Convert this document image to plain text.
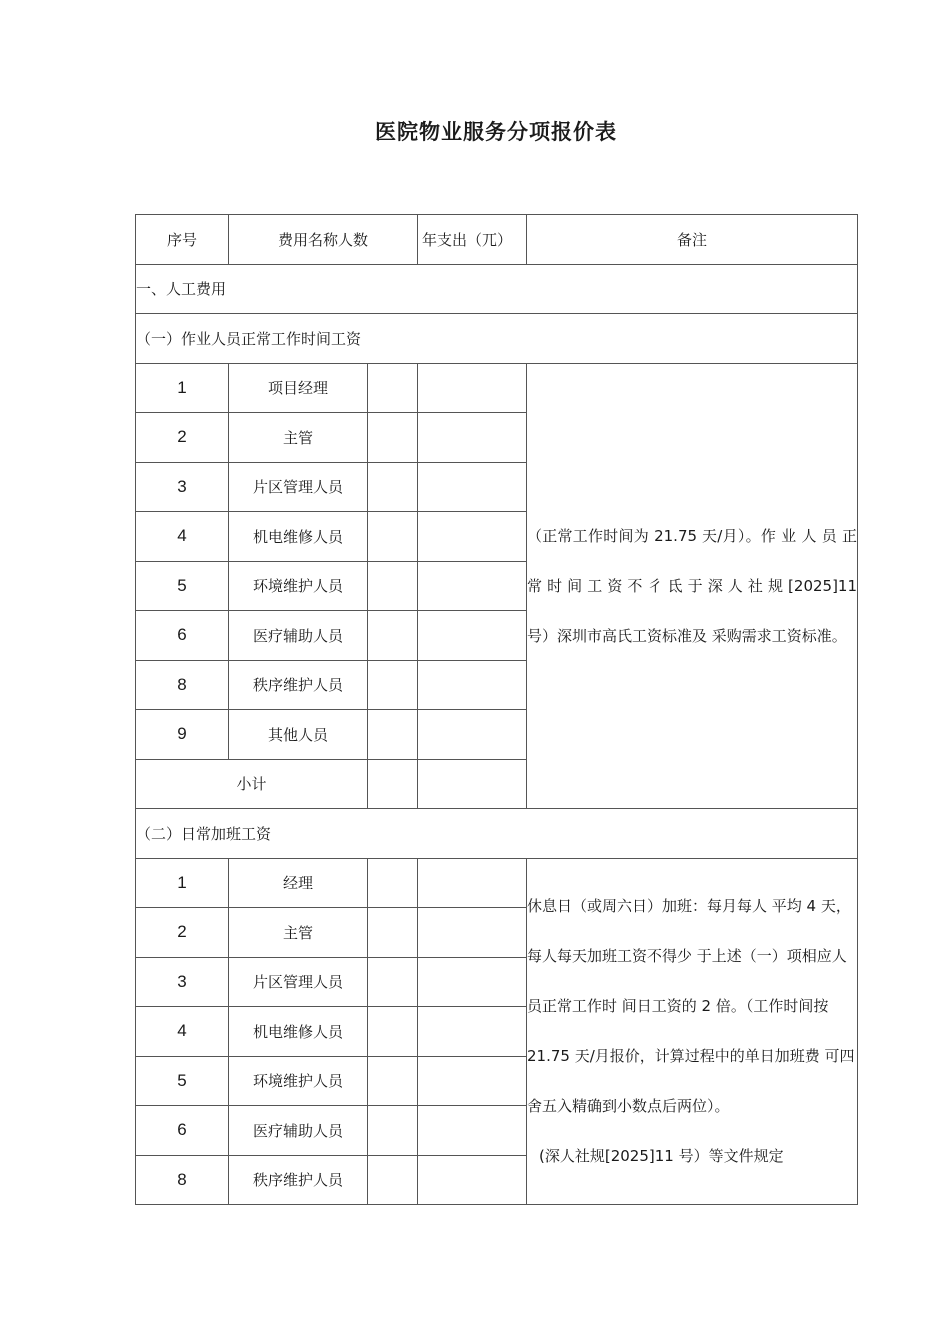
医院物业服务分项报价表
序号	费用名称人数		年支出（兀）	备注
一、人工费用				
（一）作业人员正常工作时间工资				
1	项目经理			（正常工作时间为 21.75 天/月）。作 业 人 员 正 常 时 间 工 资 不 彳 氐 于 深 人 社 规 [2025]11 号）深圳市高氏工资标准及 采购需求工资标准。
2	主管			
3	片区管理人员			
4	机电维修人员			
5	环境维护人员			
6	医疗辅助人员			
8	秩序维护人员			
9	其他人员			
小计				
（二）日常加班工资				
1	经理			休息日（或周六日）加班：每月每人 平均 4 天，每人每天加班工资不得少 于上述（一）项相应人员正常工作时 间日工资的 2 倍。（工作时间按 21.75 天/月报价，计算过程中的单日加班费 可四舍五入精确到小数点后两位）。
(深人社规[2025]11 号）等文件规定

2	主管			
3	片区管理人员			
4	机电维修人员			
5	环境维护人员			
6	医疗辅助人员			
8	秩序维护人员			
